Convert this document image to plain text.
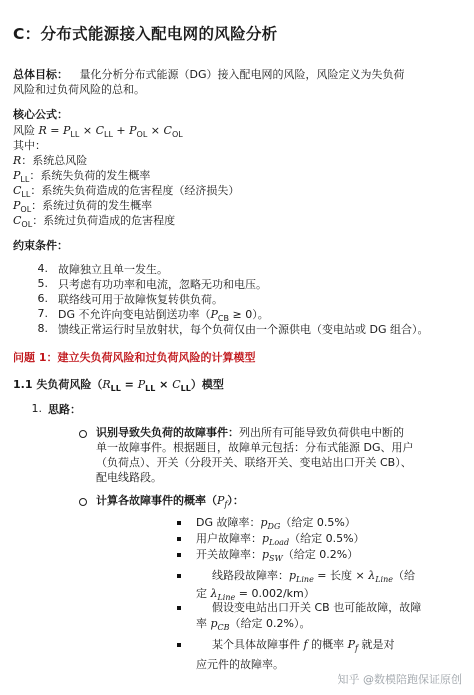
C：分布式能源接入配电网的风险分析
总体目标： 量化分析分布式能源（DG）接入配电网的风险，风险定义为失负荷
风险和过负荷风险的总和。
核心公式：
风险 $R = P_{LL} \times C_{LL} + P_{OL} \times C_{OL}$
其中：
R：系统总风险
$P_{LL}$：系统失负荷的发生概率
$C_{LL}$：系统失负荷造成的危害程度（经济损失）
$P_{OL}$：系统过负荷的发生概率
$C_{OL}$：系统过负荷造成的危害程度
约束条件：
4. 故障独立且单一发生。
5. 只考虑有功功率和电流，忽略无功和电压。
6. 联络线可用于故障恢复转供负荷。
7. DG 不允许向变电站倒送功率$(P_{CB} \ge 0)$。
8. 馈线正常运行时呈放射状，每个负荷仅由一个源供电（变电站或 DG 组合）。
问题 1：建立失负荷风险和过负荷风险的计算模型
1.1 失负荷风险$(R_{LL} = P_{LL} \times C_{LL})$模型
1. 思路：
识别导致失负荷的故障事件：列出所有可能导致负荷供电中断的
单一故障事件。根据题目，故障单元包括：分布式能源 DG、用户
（负荷点）、开关（分段开关、联络开关、变电站出口开关 CB）、
配电线路段。
计算各故障事件的概率$(P_f)$：
DG 故障率：$p_{DG}$（给定 0.5%）
用户故障率：$p_{Load}$（给定 0.5%）
开关故障率：$p_{SW}$（给定 0.2%）
线路段故障率：$p_{Line}$ = 长度 × $\lambda_{Line}$（给
定 $\lambda_{Line} = 0.002/km$）
假设变电站出口开关 CB 也可能故障，故障
率 $p_{CB}$（给定 0.2%）。
某个具体故障事件 f 的概率 $P_f$ 就是对
应元件的故障率。
知乎 @数模陪跑保证原创
